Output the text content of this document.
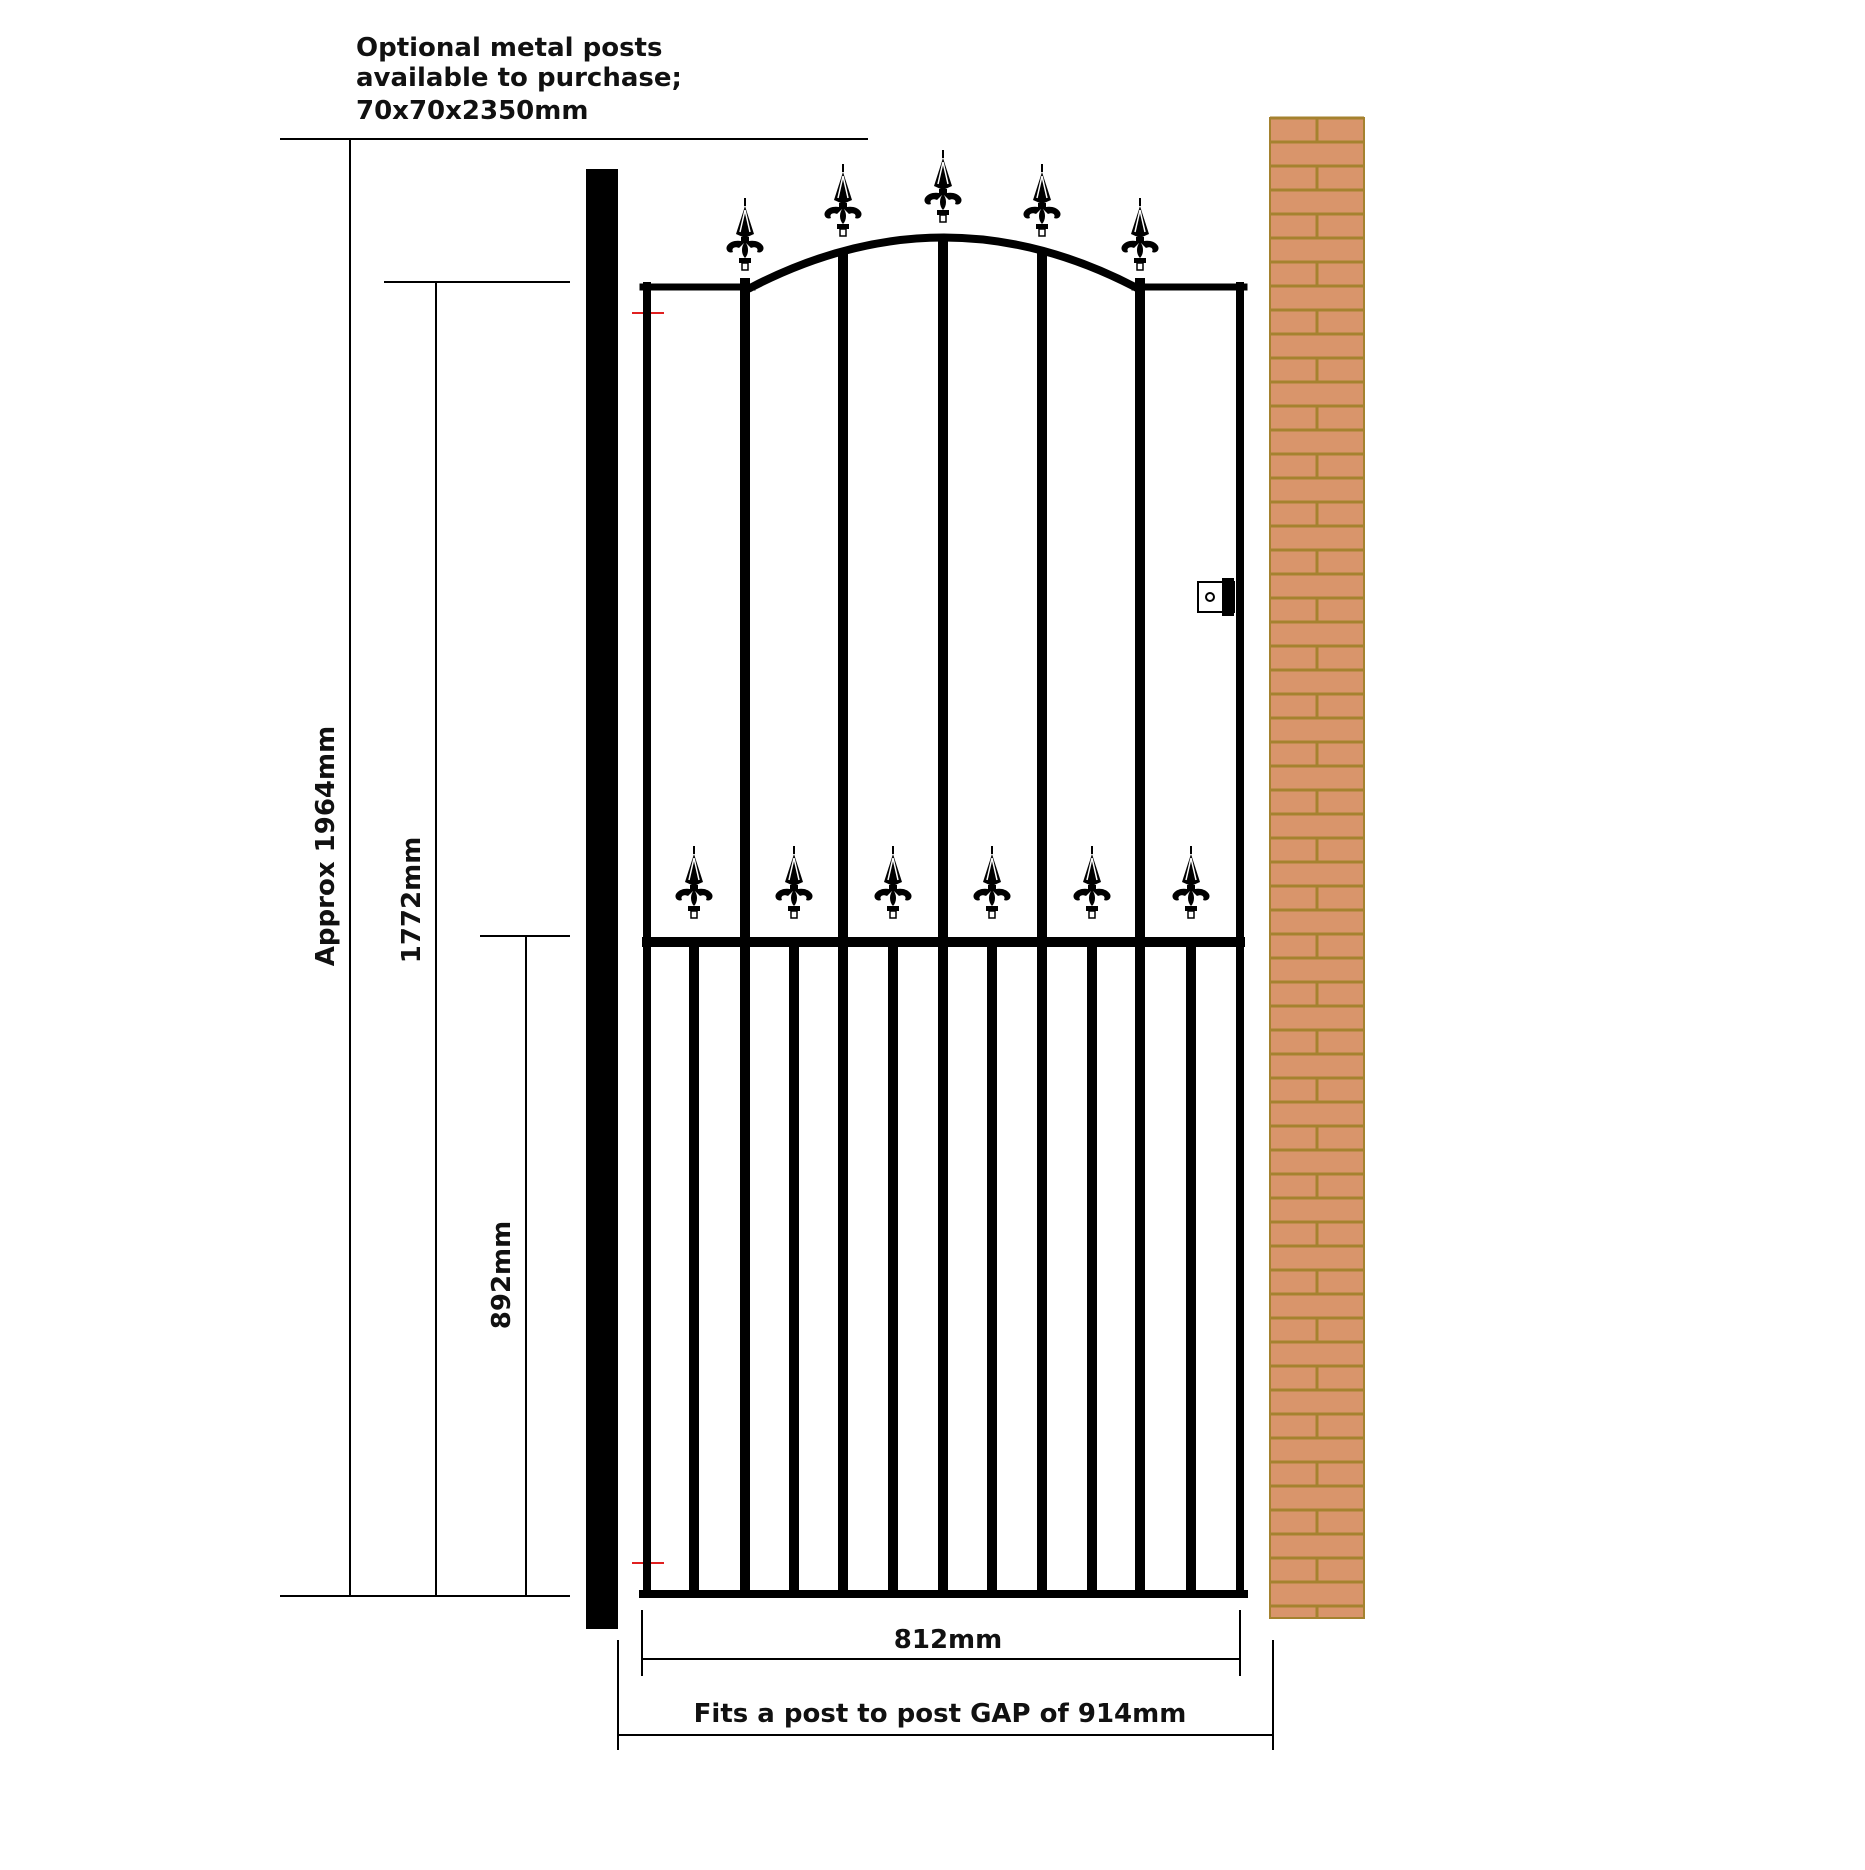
Optional metal posts
available to purchase;
70x70x2350mm
Approx 1964mm 1772mm
892mm
812mm
Fits a post to post GAP of 914mm
